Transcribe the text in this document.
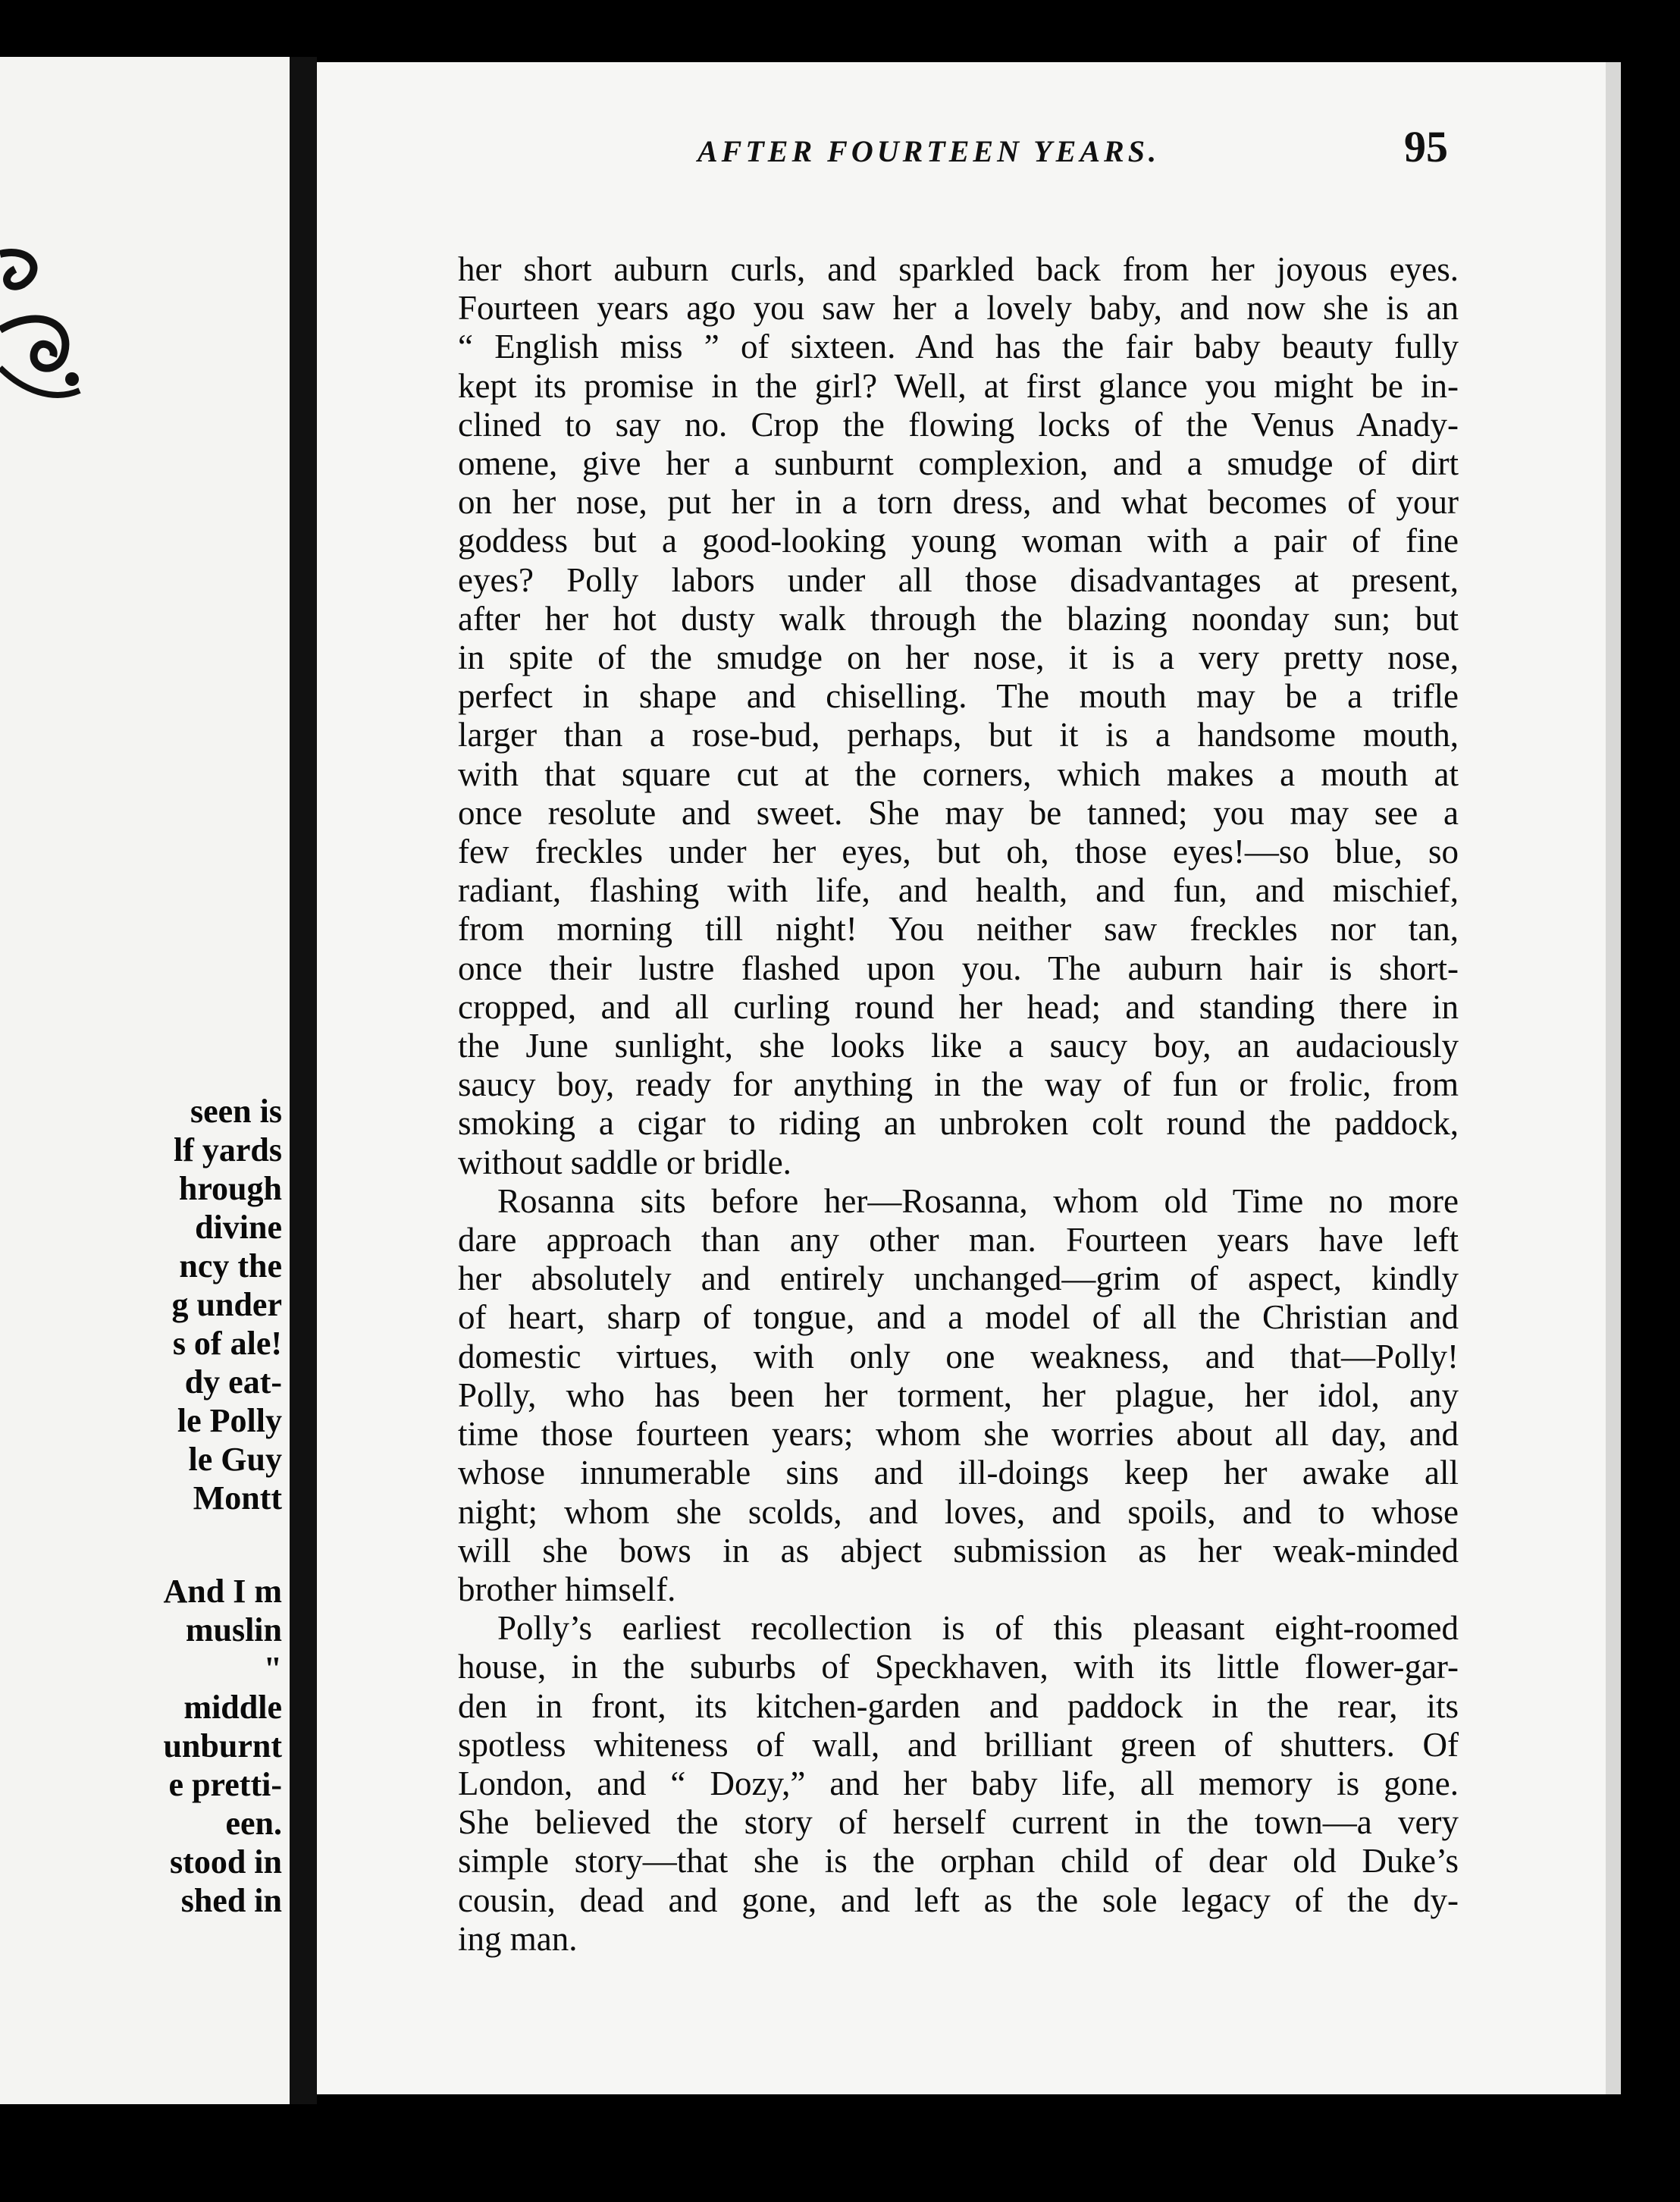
seen is
lf yards
hrough
divine
ncy the
g under
s of ale!
dy eat-
le Polly
le Guy
Montt
And I m
muslin
"
middle
unburnt
e pretti-
een.
stood in
shed in
AFTER FOURTEEN YEARS.	95

her short auburn curls, and sparkled back from her joyous eyes.
Fourteen years ago you saw her a lovely baby, and now she is an
“ English miss ” of sixteen. And has the fair baby beauty fully
kept its promise in the girl? Well, at first glance you might be in-
clined to say no. Crop the flowing locks of the Venus Anady-
omene, give her a sunburnt complexion, and a smudge of dirt
on her nose, put her in a torn dress, and what becomes of your
goddess but a good-looking young woman with a pair of fine
eyes? Polly labors under all those disadvantages at present,
after her hot dusty walk through the blazing noonday sun; but
in spite of the smudge on her nose, it is a very pretty nose,
perfect in shape and chiselling. The mouth may be a trifle
larger than a rose-bud, perhaps, but it is a handsome mouth,
with that square cut at the corners, which makes a mouth at
once resolute and sweet. She may be tanned; you may see a
few freckles under her eyes, but oh, those eyes!—so blue, so
radiant, flashing with life, and health, and fun, and mischief,
from morning till night! You neither saw freckles nor tan,
once their lustre flashed upon you. The auburn hair is short-
cropped, and all curling round her head; and standing there in
the June sunlight, she looks like a saucy boy, an audaciously
saucy boy, ready for anything in the way of fun or frolic, from
smoking a cigar to riding an unbroken colt round the paddock,
without saddle or bridle.

Rosanna sits before her—Rosanna, whom old Time no more
dare approach than any other man. Fourteen years have left
her absolutely and entirely unchanged—grim of aspect, kindly
of heart, sharp of tongue, and a model of all the Christian and
domestic virtues, with only one weakness, and that—Polly!
Polly, who has been her torment, her plague, her idol, any
time those fourteen years; whom she worries about all day, and
whose innumerable sins and ill-doings keep her awake all
night; whom she scolds, and loves, and spoils, and to whose
will she bows in as abject submission as her weak-minded
brother himself.

Polly’s earliest recollection is of this pleasant eight-roomed
house, in the suburbs of Speckhaven, with its little flower-gar-
den in front, its kitchen-garden and paddock in the rear, its
spotless whiteness of wall, and brilliant green of shutters. Of
London, and “ Dozy,” and her baby life, all memory is gone.
She believed the story of herself current in the town—a very
simple story—that she is the orphan child of dear old Duke’s
cousin, dead and gone, and left as the sole legacy of the dy-
ing man.
